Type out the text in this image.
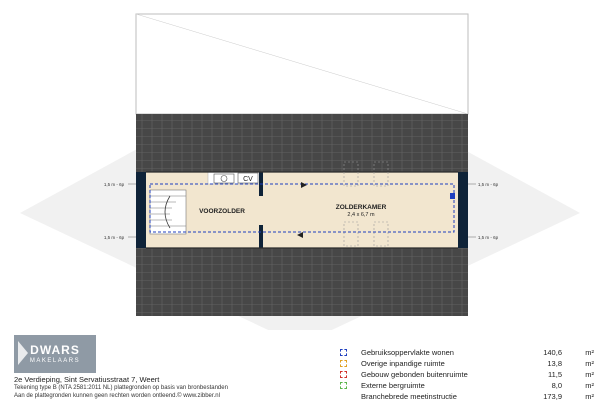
CV
VOORZOLDER
ZOLDERKAMER
2,4 x 6,7 m
1,5 m - 6p
1,5 m - 6p
1,5 m - 6p
1,5 m - 6p
DWARS
MAKELAARS
2e Verdieping, Sint Servatiusstraat 7, Weert
Tekening type B (NTA 2581:2011 NL) plattegronden op basis van bronbestanden
Aan de plattegronden kunnen geen rechten worden ontleend.© www.zibber.nl
Gebruiksoppervlakte wonen	140,6	m²
Overige inpandige ruimte	13,8	m²
Gebouw gebonden buitenruimte	11,5	m²
Externe bergruimte	8,0	m²
Branchebrede meetinstructie	173,9	m²
